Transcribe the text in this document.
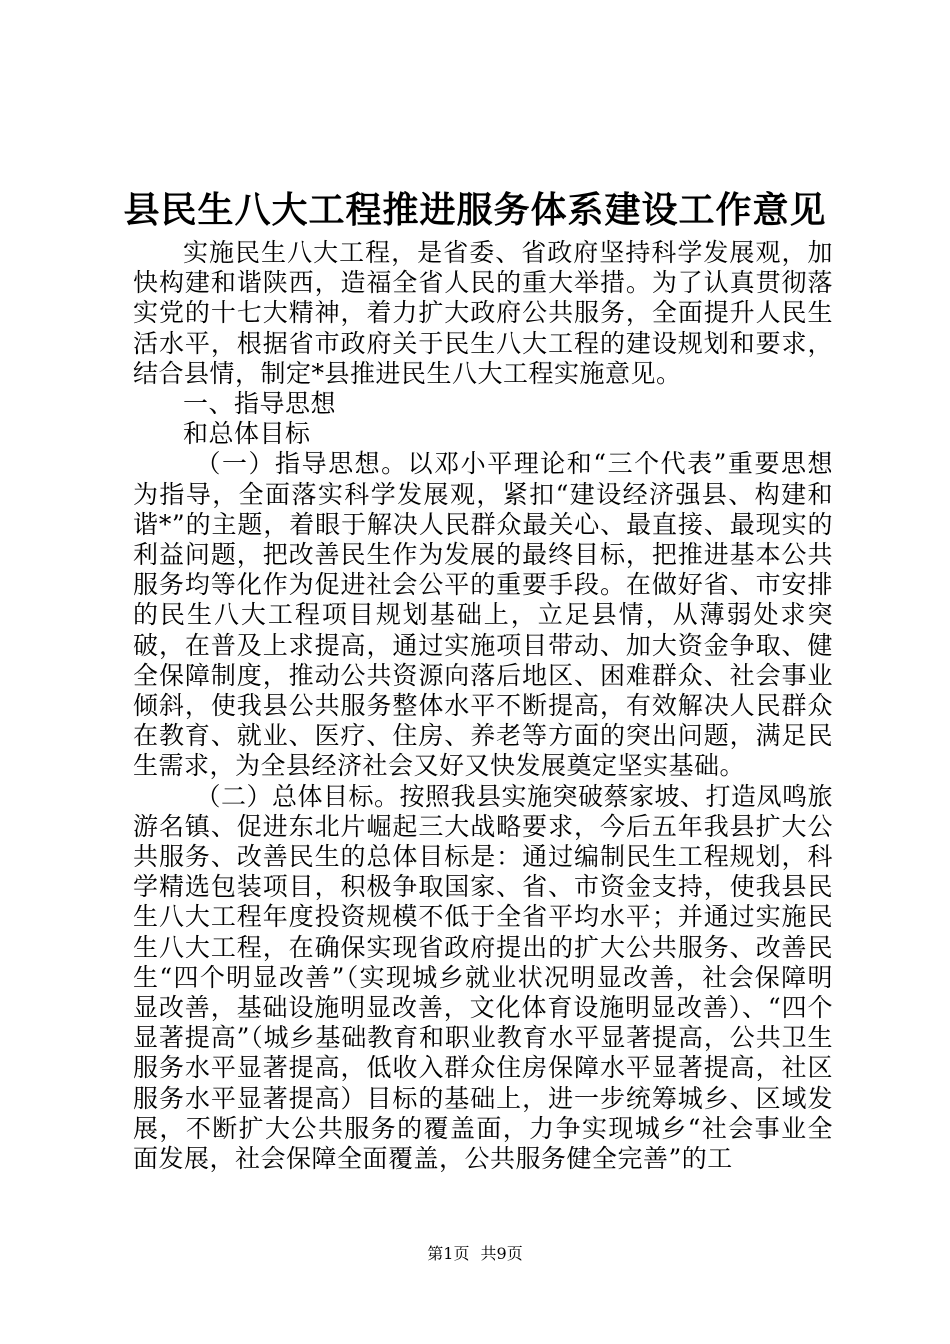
县民生八大工程推进服务体系建设工作意见

实施民生八大工程，是省委、省政府坚持科学发展观，加快构建和谐陕西，造福全省人民的重大举措。为了认真贯彻落实党的十七大精神，着力扩大政府公共服务，全面提升人民生活水平，根据省市政府关于民生八大工程的建设规划和要求，结合县情，制定*县推进民生八大工程实施意见。

一、指导思想

和总体目标

（一）指导思想。以邓小平理论和“三个代表”重要思想为指导，全面落实科学发展观，紧扣“建设经济强县、构建和谐*”的主题，着眼于解决人民群众最关心、最直接、最现实的利益问题，把改善民生作为发展的最终目标，把推进基本公共服务均等化作为促进社会公平的重要手段。在做好省、市安排的民生八大工程项目规划基础上，立足县情，从薄弱处求突破，在普及上求提高，通过实施项目带动、加大资金争取、健全保障制度，推动公共资源向落后地区、困难群众、社会事业倾斜，使我县公共服务整体水平不断提高，有效解决人民群众在教育、就业、医疗、住房、养老等方面的突出问题，满足民生需求，为全县经济社会又好又快发展奠定坚实基础。

（二）总体目标。按照我县实施突破蔡家坡、打造凤鸣旅游名镇、促进东北片崛起三大战略要求，今后五年我县扩大公共服务、改善民生的总体目标是：通过编制民生工程规划，科学精选包装项目，积极争取国家、省、市资金支持，使我县民生八大工程年度投资规模不低于全省平均水平；并通过实施民生八大工程，在确保实现省政府提出的扩大公共服务、改善民生“四个明显改善”（实现城乡就业状况明显改善，社会保障明显改善，基础设施明显改善，文化体育设施明显改善）、“四个显著提高”（城乡基础教育和职业教育水平显著提高，公共卫生服务水平显著提高，低收入群众住房保障水平显著提高，社区服务水平显著提高）目标的基础上，进一步统筹城乡、区域发展，不断扩大公共服务的覆盖面，力争实现城乡“社会事业全面发展，社会保障全面覆盖，公共服务健全完善”的工

第1页 共9页
